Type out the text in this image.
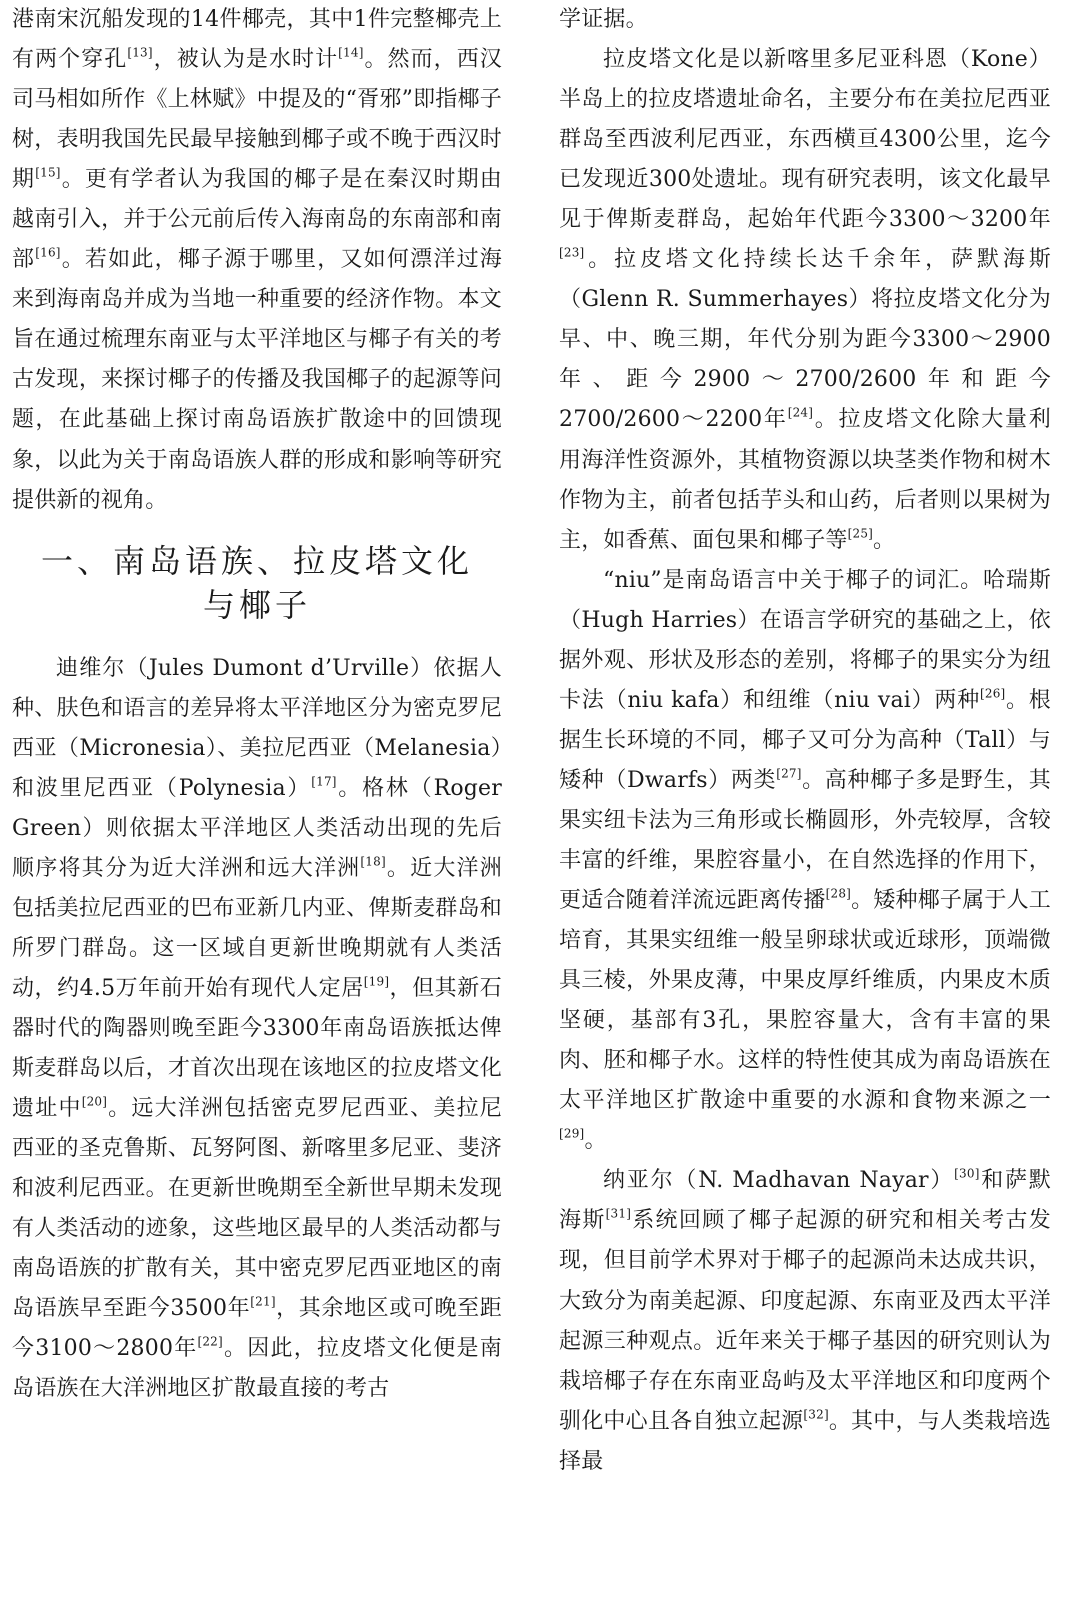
港南宋沉船发现的14件椰壳，其中1件完整椰壳上有两个穿孔[13]，被认为是水时计[14]。然而，西汉司马相如所作《上林赋》中提及的“胥邪”即指椰子树，表明我国先民最早接触到椰子或不晚于西汉时期[15]。更有学者认为我国的椰子是在秦汉时期由越南引入，并于公元前后传入海南岛的东南部和南部[16]。若如此，椰子源于哪里，又如何漂洋过海来到海南岛并成为当地一种重要的经济作物。本文旨在通过梳理东南亚与太平洋地区与椰子有关的考古发现，来探讨椰子的传播及我国椰子的起源等问题，在此基础上探讨南岛语族扩散途中的回馈现象，以此为关于南岛语族人群的形成和影响等研究提供新的视角。

一、南岛语族、拉皮塔文化
与椰子

迪维尔（Jules Dumont d’Urville）依据人种、肤色和语言的差异将太平洋地区分为密克罗尼西亚（Micronesia）、美拉尼西亚（Melanesia）和波里尼西亚（Polynesia）[17]。格林（Roger Green）则依据太平洋地区人类活动出现的先后顺序将其分为近大洋洲和远大洋洲[18]。近大洋洲包括美拉尼西亚的巴布亚新几内亚、俾斯麦群岛和所罗门群岛。这一区域自更新世晚期就有人类活动，约4.5万年前开始有现代人定居[19]，但其新石器时代的陶器则晚至距今3300年南岛语族抵达俾斯麦群岛以后，才首次出现在该地区的拉皮塔文化遗址中[20]。远大洋洲包括密克罗尼西亚、美拉尼西亚的圣克鲁斯、瓦努阿图、新喀里多尼亚、斐济和波利尼西亚。在更新世晚期至全新世早期未发现有人类活动的迹象，这些地区最早的人类活动都与南岛语族的扩散有关，其中密克罗尼西亚地区的南岛语族早至距今3500年[21]，其余地区或可晚至距今3100～2800年[22]。因此，拉皮塔文化便是南岛语族在大洋洲地区扩散最直接的考古

学证据。

拉皮塔文化是以新喀里多尼亚科恩（Kone）半岛上的拉皮塔遗址命名，主要分布在美拉尼西亚群岛至西波利尼西亚，东西横亘4300公里，迄今已发现近300处遗址。现有研究表明，该文化最早见于俾斯麦群岛，起始年代距今3300～3200年[23]。拉皮塔文化持续长达千余年，萨默海斯（Glenn R. Summerhayes）将拉皮塔文化分为早、中、晚三期，年代分别为距今3300～2900年、距今2900～2700/2600年和距今2700/2600～2200年[24]。拉皮塔文化除大量利用海洋性资源外，其植物资源以块茎类作物和树木作物为主，前者包括芋头和山药，后者则以果树为主，如香蕉、面包果和椰子等[25]。

“niu”是南岛语言中关于椰子的词汇。哈瑞斯（Hugh Harries）在语言学研究的基础之上，依据外观、形状及形态的差别，将椰子的果实分为纽卡法（niu kafa）和纽维（niu vai）两种[26]。根据生长环境的不同，椰子又可分为高种（Tall）与矮种（Dwarfs）两类[27]。高种椰子多是野生，其果实纽卡法为三角形或长椭圆形，外壳较厚，含较丰富的纤维，果腔容量小，在自然选择的作用下，更适合随着洋流远距离传播[28]。矮种椰子属于人工培育，其果实纽维一般呈卵球状或近球形，顶端微具三棱，外果皮薄，中果皮厚纤维质，内果皮木质坚硬，基部有3孔，果腔容量大，含有丰富的果肉、胚和椰子水。这样的特性使其成为南岛语族在太平洋地区扩散途中重要的水源和食物来源之一[29]。

纳亚尔（N. Madhavan Nayar）[30]和萨默海斯[31]系统回顾了椰子起源的研究和相关考古发现，但目前学术界对于椰子的起源尚未达成共识，大致分为南美起源、印度起源、东南亚及西太平洋起源三种观点。近年来关于椰子基因的研究则认为栽培椰子存在东南亚岛屿及太平洋地区和印度两个驯化中心且各自独立起源[32]。其中，与人类栽培选择最
